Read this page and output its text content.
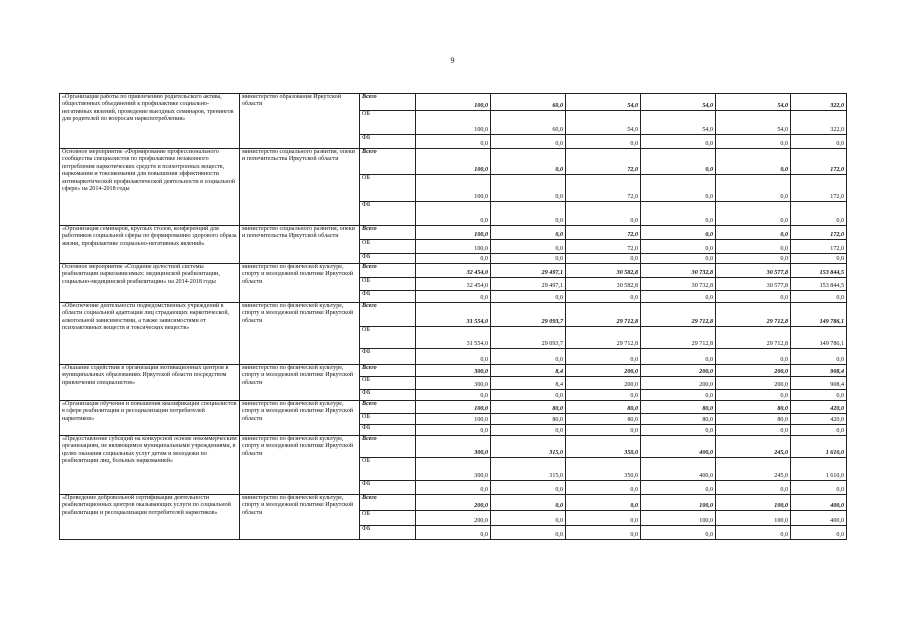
9
«Организация работы по привлечению родительского актива, общественных объединений к профилактике социально-негативных явлений, проведение выездных семинаров, тренингов для родителей по вопросам наркопотребления»	министерство образования Иркутской области	Всего	100,0	60,0	54,0	54,0	54,0	322,0
		ОБ	100,0	60,0	54,0	54,0	54,0	322,0
		ФБ	0,0	0,0	0,0	0,0	0,0	0,0
Основное мероприятие «Формирование профессионального сообщества специалистов по профилактике незаконного потребления наркотических средств и психотропных веществ, наркомании и токсикомании для повышения эффективности антинаркотической профилактической деятельности в социальной сфере» на 2014-2018 годы	министерство социального развития, опеки и попечительства Иркутской области	Всего	100,0	0,0	72,0	0,0	0,0	172,0
		ОБ	100,0	0,0	72,0	0,0	0,0	172,0
		ФБ	0,0	0,0	0,0	0,0	0,0	0,0
«Организация семинаров, круглых столов, конференций для работников социальной сферы по формированию здорового образа жизни, профилактике социально-негативных явлений»	министерство социального развития, опеки и попечительства Иркутской области	Всего	100,0	0,0	72,0	0,0	0,0	172,0
		ОБ	100,0	0,0	72,0	0,0	0,0	172,0
		ФБ	0,0	0,0	0,0	0,0	0,0	0,0
Основное мероприятие «Создание целостной системы реабилитации наркозависимых: медицинской реабилитации, социально-медицинской реабилитации» на 2014-2018 годы	министерство по физической культуре, спорту и молодежной политике Иркутской области	Всего	32 454,0	29 497,1	30 582,8	30 732,8	30 577,8	153 844,5
		ОБ	32 454,0	29 497,1	30 582,8	30 732,8	30 577,8	153 844,5
		ФБ	0,0	0,0	0,0	0,0	0,0	0,0
«Обеспечение деятельности подведомственных учреждений в области социальной адаптации лиц страдающих наркотической, алкогольной зависимостями, а также зависимостями от психоактивных веществ и токсических веществ»	министерство по физической культуре, спорту и молодежной политике Иркутской области	Всего	31 554,0	29 093,7	29 712,8	29 712,8	29 712,8	149 786,1
		ОБ	31 554,0	29 093,7	29 712,8	29 712,8	29 712,8	149 786,1
		ФБ	0,0	0,0	0,0	0,0	0,0	0,0
«Оказание содействия в организации мотивационных центров в муниципальных образованиях Иркутской области посредством привлечения специалистов»	министерство по физической культуре, спорту и молодежной политике Иркутской области	Всего	300,0	8,4	200,0	200,0	200,0	908,4
		ОБ	300,0	8,4	200,0	200,0	200,0	908,4
		ФБ	0,0	0,0	0,0	0,0	0,0	0,0
«Организация обучения и повышения квалификации специалистов в сфере реабилитации и ресоциализации потребителей наркотиков»	министерство по физической культуре, спорту и молодежной политике Иркутской области	Всего	100,0	80,0	80,0	80,0	80,0	420,0
		ОБ	100,0	80,0	80,0	80,0	80,0	420,0
		ФБ	0,0	0,0	0,0	0,0	0,0	0,0
«Предоставление субсидий на конкурсной основе некоммерческим организациям, не являющимся муниципальными учреждениями, в целях оказания социальных услуг детям и молодежи по реабилитации лиц, больных наркоманией»	министерство по физической культуре, спорту и молодежной политике Иркутской области	Всего	300,0	315,0	350,0	400,0	245,0	1 610,0
		ОБ	300,0	315,0	350,0	400,0	245,0	1 610,0
		ФБ	0,0	0,0	0,0	0,0	0,0	0,0
«Проведение добровольной сертификации деятельности реабилитационных центров оказывающих услуги по социальной реабилитации и ресоциализации потребителей наркотиков»	министерство по физической культуре, спорту и молодежной политике Иркутской области	Всего	200,0	0,0	0,0	100,0	100,0	400,0
		ОБ	200,0	0,0	0,0	100,0	100,0	400,0
		ФБ	0,0	0,0	0,0	0,0	0,0	0,0
